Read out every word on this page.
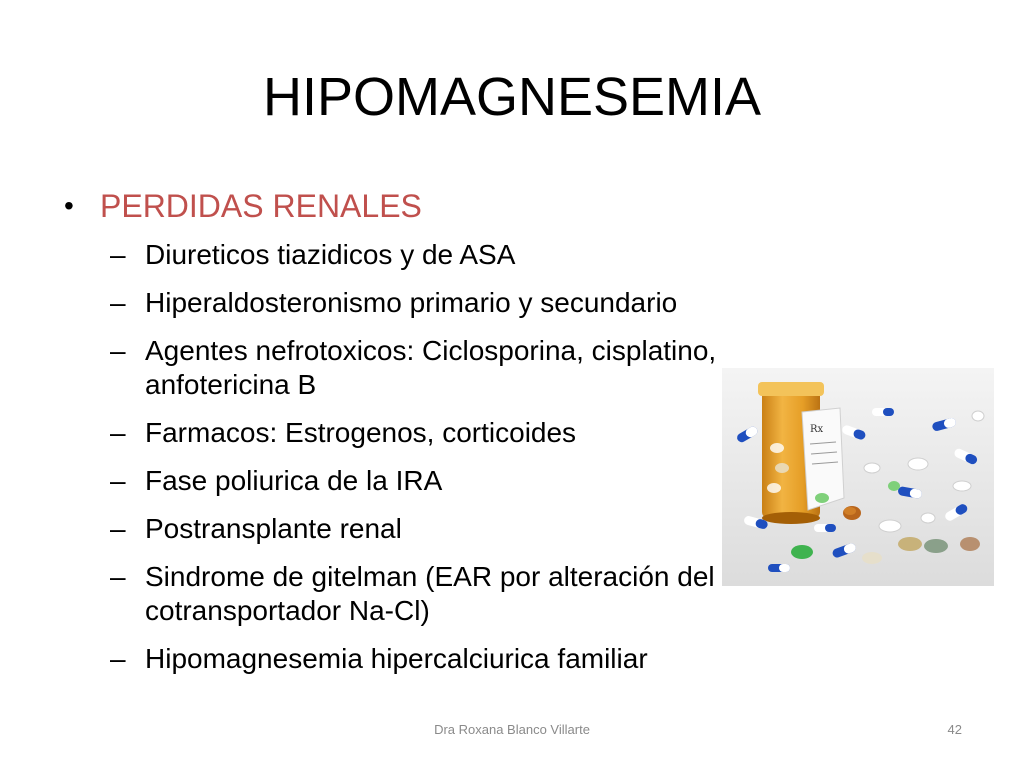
HIPOMAGNESEMIA
• PERDIDAS RENALES
– Diureticos tiazidicos y de ASA
– Hiperaldosteronismo primario y secundario
– Agentes nefrotoxicos: Ciclosporina, cisplatino, anfotericina B
– Farmacos: Estrogenos, corticoides
– Fase poliurica de la IRA
– Postransplante renal
– Sindrome de gitelman (EAR por alteración del cotransportador Na-Cl)
– Hipomagnesemia hipercalciurica familiar
Rx
Dra Roxana Blanco Villarte	42
